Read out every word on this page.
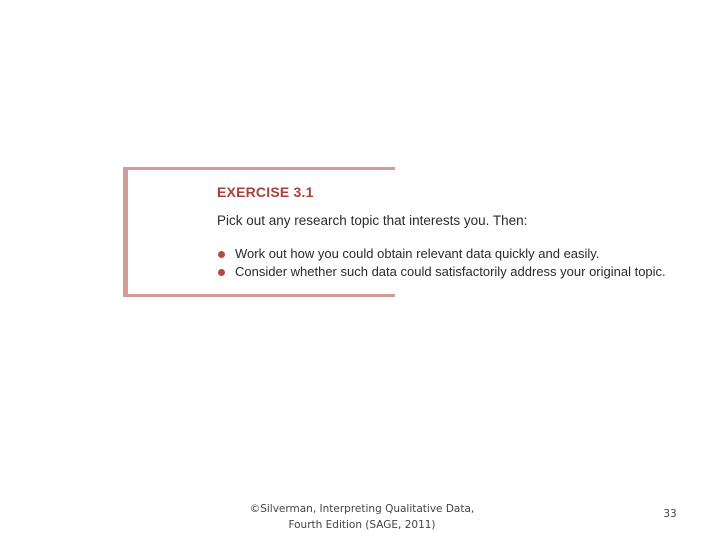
EXERCISE 3.1
Pick out any research topic that interests you. Then:
Work out how you could obtain relevant data quickly and easily.
Consider whether such data could satisfactorily address your original topic.
©Silverman, Interpreting Qualitative Data,
Fourth Edition (SAGE, 2011)
33
